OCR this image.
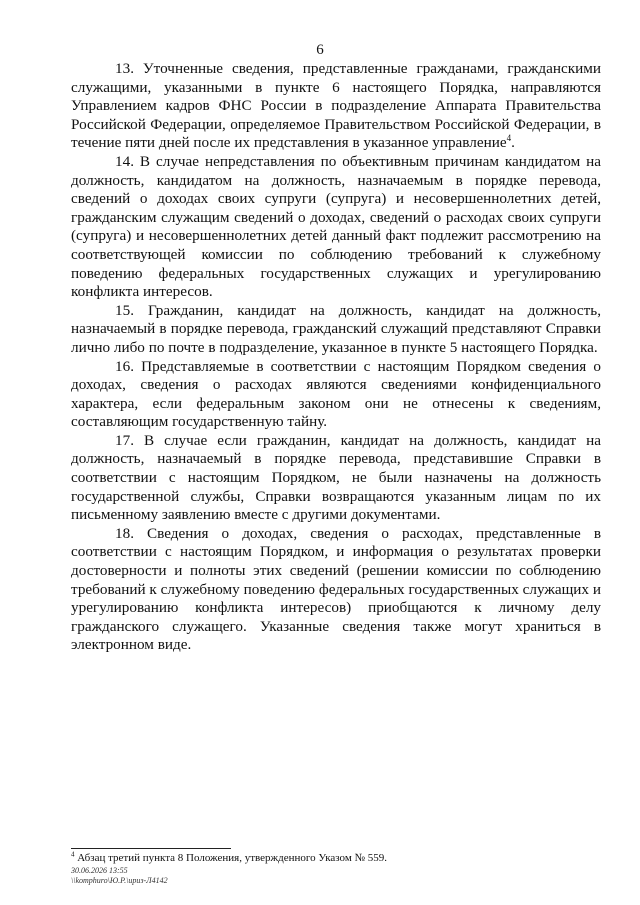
6

13. Уточненные сведения, представленные гражданами, гражданскими служащими, указанными в пункте 6 настоящего Порядка, направляются Управлением кадров ФНС России в подразделение Аппарата Правительства Российской Федерации, определяемое Правительством Российской Федерации, в течение пяти дней после их представления в указанное управление$^4$.

14. В случае непредставления по объективным причинам кандидатом на должность, кандидатом на должность, назначаемым в порядке перевода, сведений о доходах своих супруги (супруга) и несовершеннолетних детей, гражданским служащим сведений о доходах, сведений о расходах своих супруги (супруга) и несовершеннолетних детей данный факт подлежит рассмотрению на соответствующей комиссии по соблюдению требований к служебному поведению федеральных государственных служащих и урегулированию конфликта интересов.

15. Гражданин, кандидат на должность, кандидат на должность, назначаемый в порядке перевода, гражданский служащий представляют Справки лично либо по почте в подразделение, указанное в пункте 5 настоящего Порядка.

16. Представляемые в соответствии с настоящим Порядком сведения о доходах, сведения о расходах являются сведениями конфиденциального характера, если федеральным законом они не отнесены к сведениям, составляющим государственную тайну.

17. В случае если гражданин, кандидат на должность, кандидат на должность, назначаемый в порядке перевода, представившие Справки в соответствии с настоящим Порядком, не были назначены на должность государственной службы, Справки возвращаются указанным лицам по их письменному заявлению вместе с другими документами.

18. Сведения о доходах, сведения о расходах, представленные в соответствии с настоящим Порядком, и информация о результатах проверки достоверности и полноты этих сведений (решении комиссии по соблюдению требований к служебному поведению федеральных государственных служащих и урегулированию конфликта интересов) приобщаются к личному делу гражданского служащего. Указанные сведения также могут храниться в электронном виде.

$^4$ Абзац третий пункта 8 Положения, утвержденного Указом № 559.
30.06.2026 13:55
\\komphuro\Ю.Р.\ириз-Л4142
